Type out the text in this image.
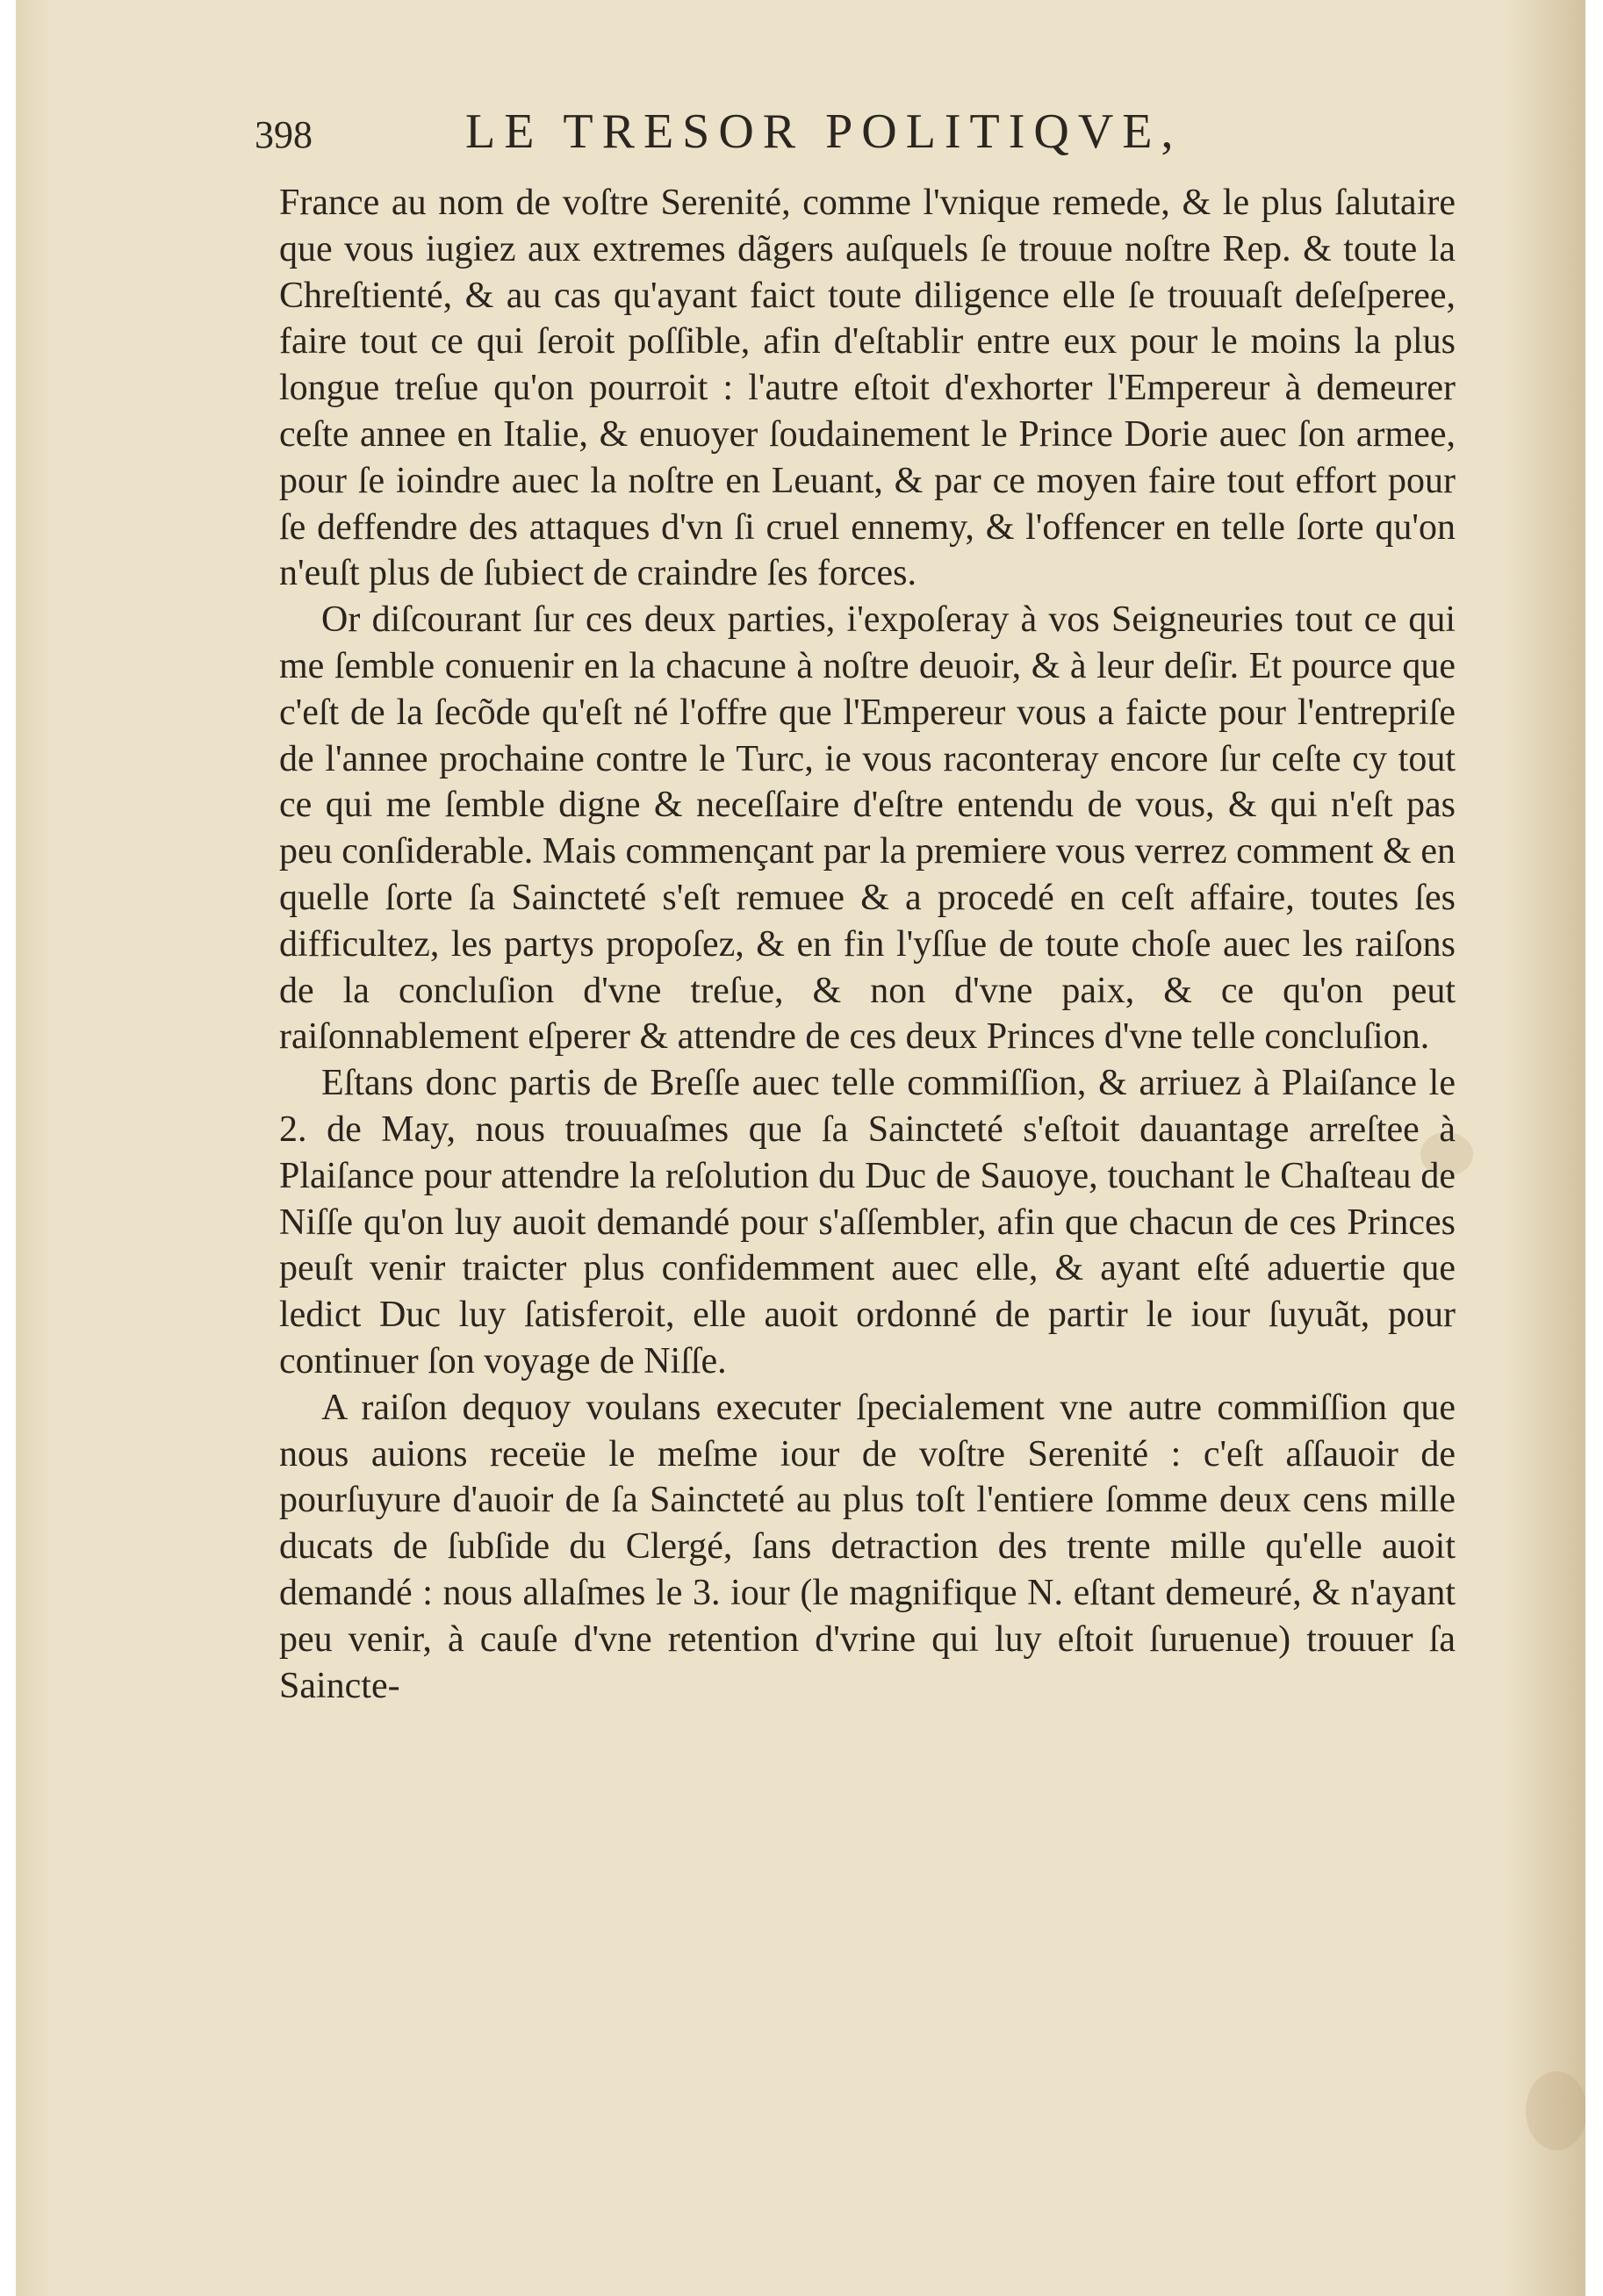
398	LE TRESOR POLITIQVE,

France au nom de voſtre Serenité, comme l'vnique remede, & le plus ſalutaire que vous iugiez aux extremes dãgers auſquels ſe trouue noſtre Rep. & toute la Chreſtienté, & au cas qu'ayant faict toute diligence elle ſe trouuaſt deſeſperee, faire tout ce qui ſeroit poſſible, afin d'eſtablir entre eux pour le moins la plus longue treſue qu'on pourroit : l'autre eſtoit d'exhorter l'Empereur à demeurer ceſte annee en Italie, & enuoyer ſoudainement le Prince Dorie auec ſon armee, pour ſe ioindre auec la noſtre en Leuant, & par ce moyen faire tout effort pour ſe deffendre des attaques d'vn ſi cruel ennemy, & l'offencer en telle ſorte qu'on n'euſt plus de ſubiect de craindre ſes forces.

Or diſcourant ſur ces deux parties, i'expoſeray à vos Seigneuries tout ce qui me ſemble conuenir en la chacune à noſtre deuoir, & à leur deſir. Et pource que c'eſt de la ſecõde qu'eſt né l'offre que l'Empereur vous a faicte pour l'entrepriſe de l'annee prochaine contre le Turc, ie vous raconteray encore ſur ceſte cy tout ce qui me ſemble digne & neceſſaire d'eſtre entendu de vous, & qui n'eſt pas peu conſiderable. Mais commençant par la premiere vous verrez comment & en quelle ſorte ſa Saincteté s'eſt remuee & a procedé en ceſt affaire, toutes ſes difficultez, les partys propoſez, & en fin l'yſſue de toute choſe auec les raiſons de la concluſion d'vne treſue, & non d'vne paix, & ce qu'on peut raiſonnablement eſperer & attendre de ces deux Princes d'vne telle concluſion.

Eſtans donc partis de Breſſe auec telle commiſſion, & arriuez à Plaiſance le 2. de May, nous trouuaſmes que ſa Saincteté s'eſtoit dauantage arreſtee à Plaiſance pour attendre la reſolution du Duc de Sauoye, touchant le Chaſteau de Niſſe qu'on luy auoit demandé pour s'aſſembler, afin que chacun de ces Princes peuſt venir traicter plus confidemment auec elle, & ayant eſté aduertie que ledict Duc luy ſatisferoit, elle auoit ordonné de partir le iour ſuyuãt, pour continuer ſon voyage de Niſſe.

A raiſon dequoy voulans executer ſpecialement vne autre commiſſion que nous auions receüe le meſme iour de voſtre Serenité : c'eſt aſſauoir de pourſuyure d'auoir de ſa Saincteté au plus toſt l'entiere ſomme deux cens mille ducats de ſubſide du Clergé, ſans detraction des trente mille qu'elle auoit demandé : nous allaſmes le 3. iour (le magnifique N. eſtant demeuré, & n'ayant peu venir, à cauſe d'vne retention d'vrine qui luy eſtoit ſuruenue) trouuer ſa Saincte-
